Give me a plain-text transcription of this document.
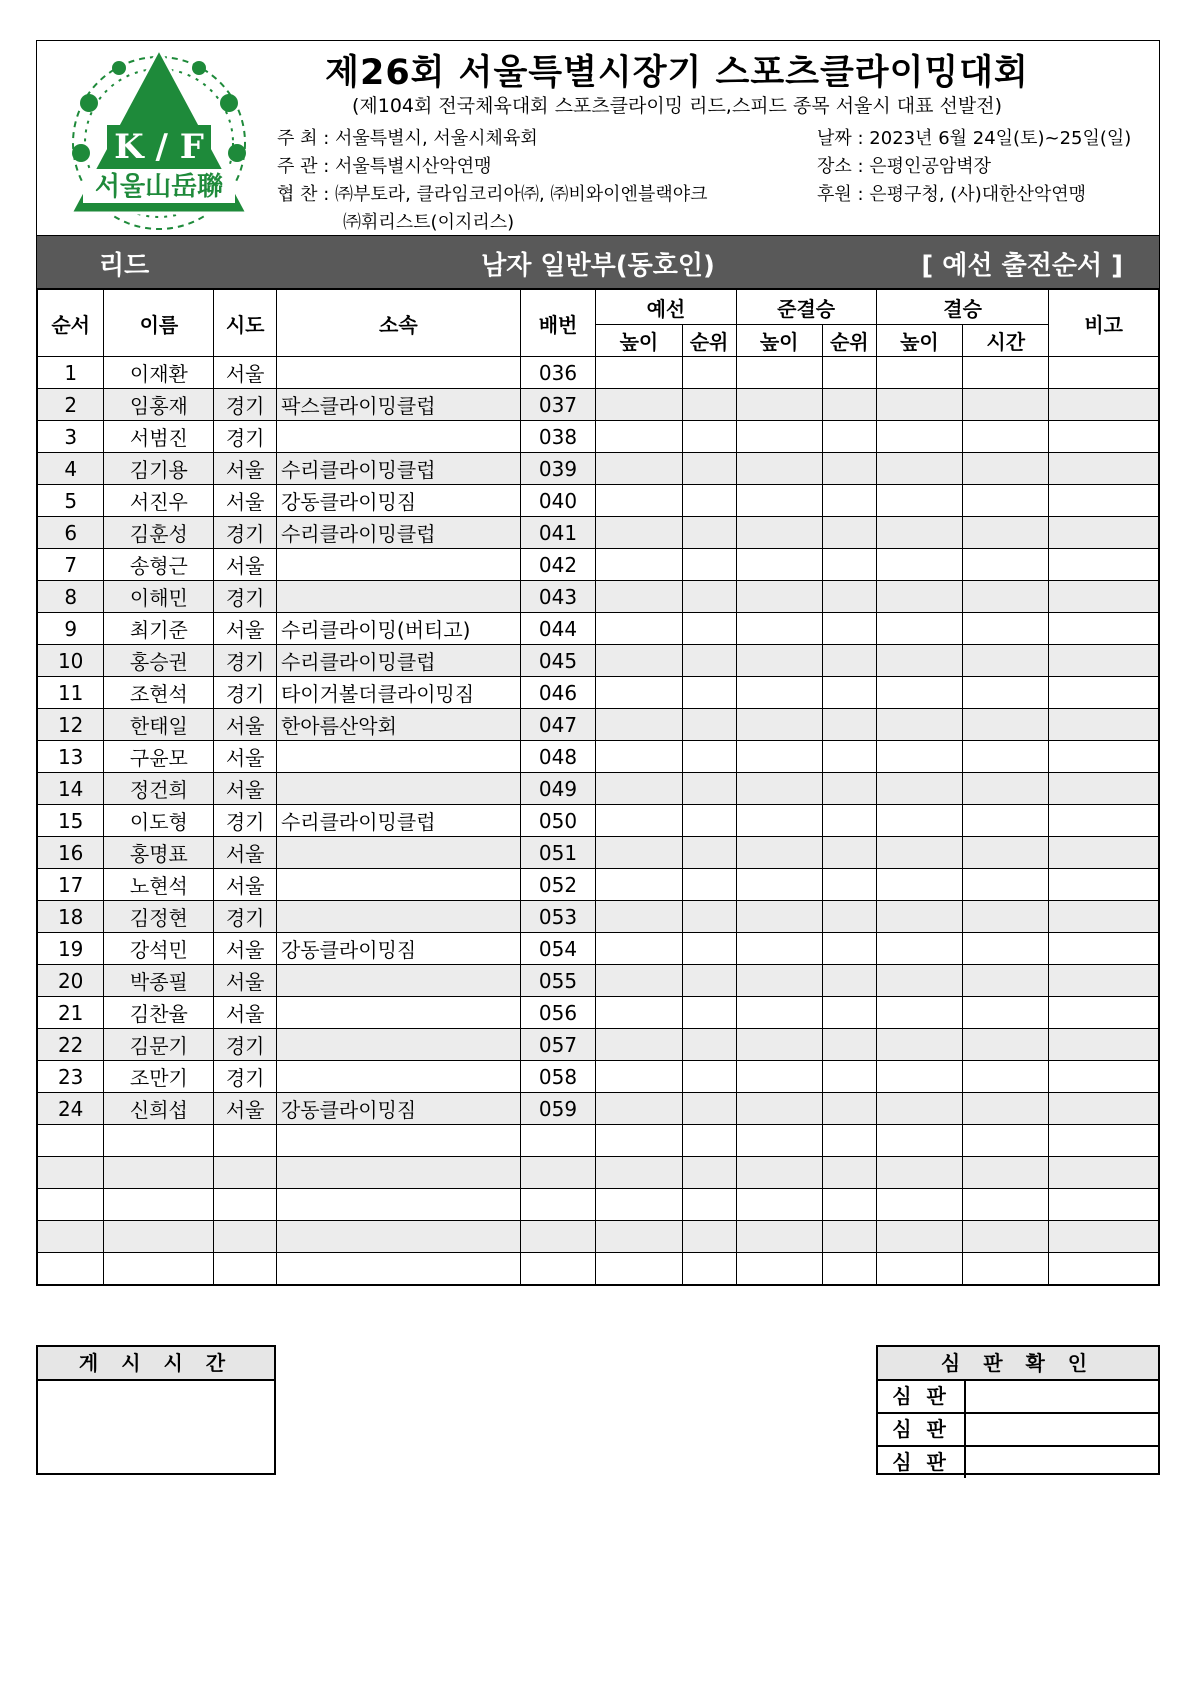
K / F
서울山岳聯
제26회 서울특별시장기 스포츠클라이밍대회
(제104회 전국체육대회 스포츠클라이밍 리드,스피드 종목 서울시 대표 선발전)
주 최 : 서울특별시, 서울시체육회
주 관 : 서울특별시산악연맹
협 찬 : ㈜부토라, 클라임코리아㈜, ㈜비와이엔블랙야크
㈜휘리스트(이지리스)
날짜 : 2023년 6월 24일(토)~25일(일)
장소 : 은평인공암벽장
후원 : 은평구청, (사)대한산악연맹
남자 일반부(동호인)
리드	[ 예선 출전순서 ]
순서	이름	시도	소속	배번	예선		준결승		결승		비고
					높이	순위	높이	순위	높이	시간	
1	이재환	서울		036							
2	임홍재	경기	팍스클라이밍클럽	037							
3	서범진	경기		038							
4	김기용	서울	수리클라이밍클럽	039							
5	서진우	서울	강동클라이밍짐	040							
6	김훈성	경기	수리클라이밍클럽	041							
7	송형근	서울		042							
8	이해민	경기		043							
9	최기준	서울	수리클라이밍(버티고)	044							
10	홍승권	경기	수리클라이밍클럽	045							
11	조현석	경기	타이거볼더클라이밍짐	046							
12	한태일	서울	한아름산악회	047							
13	구윤모	서울		048							
14	정건희	서울		049							
15	이도형	경기	수리클라이밍클럽	050							
16	홍명표	서울		051							
17	노현석	서울		052							
18	김정현	경기		053							
19	강석민	서울	강동클라이밍짐	054							
20	박종필	서울		055							
21	김찬율	서울		056							
22	김문기	경기		057							
23	조만기	경기		058							
24	신희섭	서울	강동클라이밍짐	059							

게 시 시 간	심 판 확 인
심 판
심 판
심 판
